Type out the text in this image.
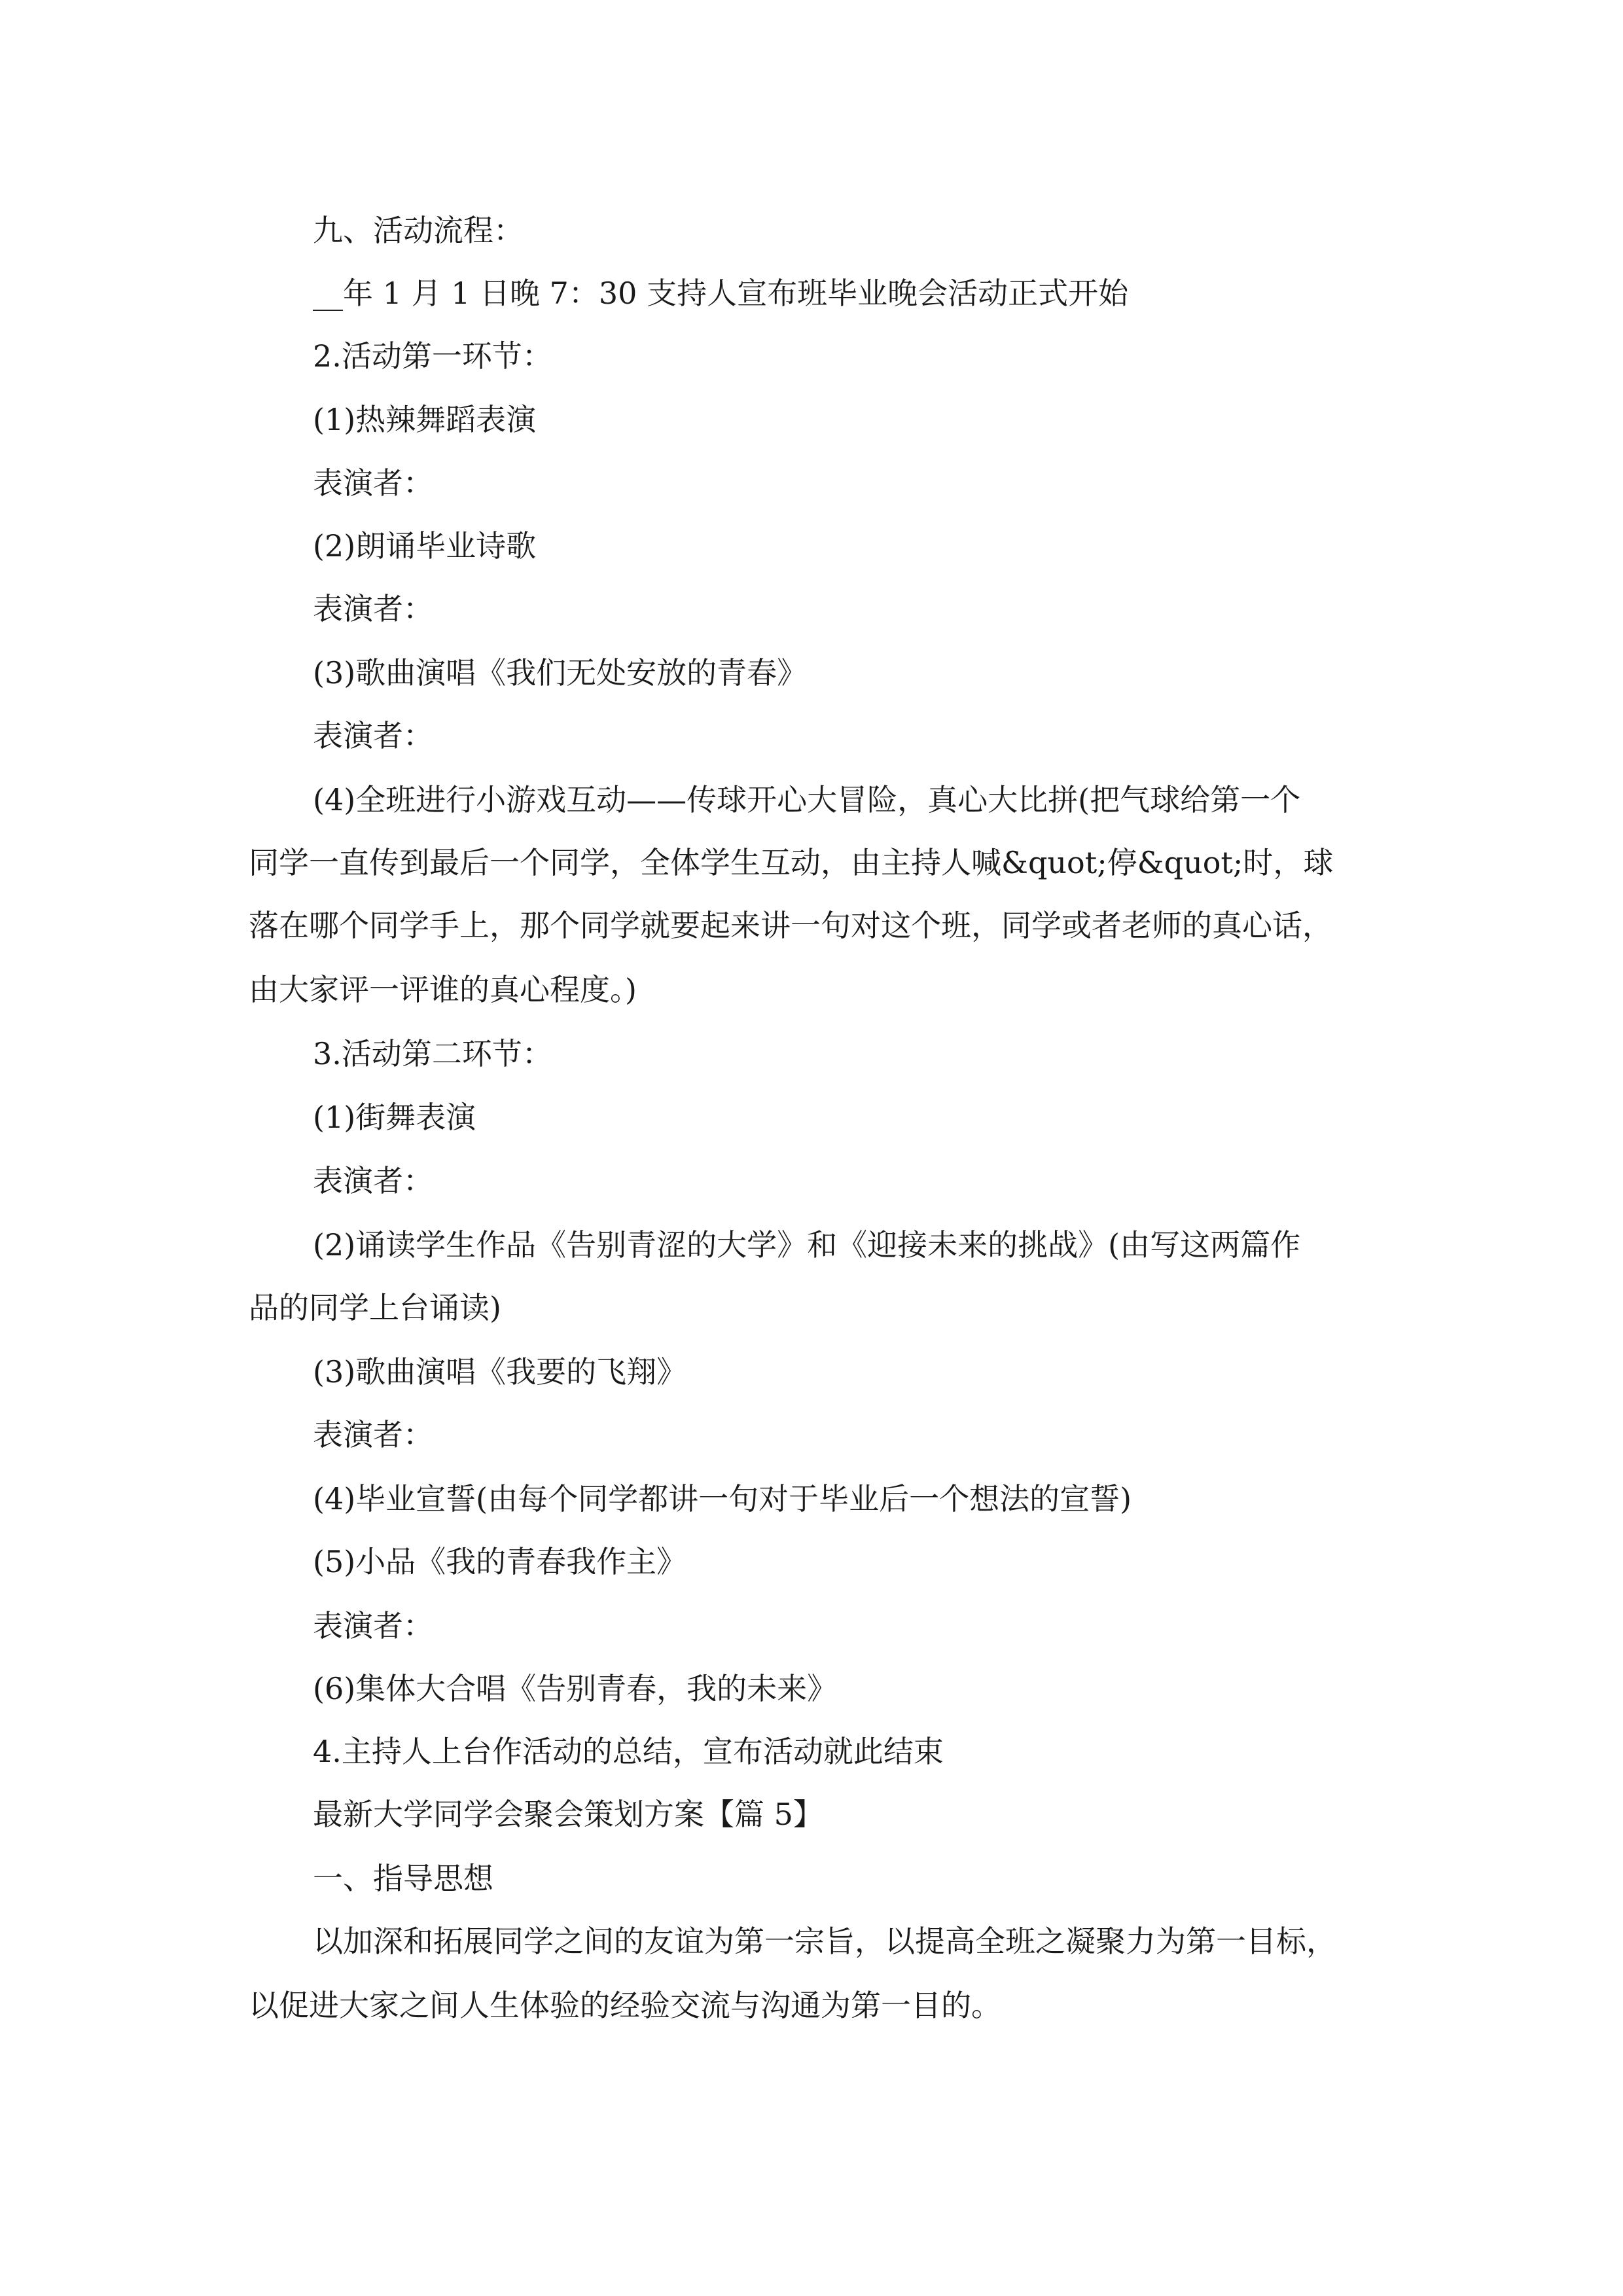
九、活动流程：
__年 1 月 1 日晚 7：30 支持人宣布班毕业晚会活动正式开始
2.活动第一环节：
(1)热辣舞蹈表演
表演者：
(2)朗诵毕业诗歌
表演者：
(3)歌曲演唱《我们无处安放的青春》
表演者：
(4)全班进行小游戏互动——传球开心大冒险，真心大比拼(把气球给第一个
同学一直传到最后一个同学，全体学生互动，由主持人喊&quot;停&quot;时，球
落在哪个同学手上，那个同学就要起来讲一句对这个班，同学或者老师的真心话，
由大家评一评谁的真心程度。)
3.活动第二环节：
(1)街舞表演
表演者：
(2)诵读学生作品《告别青涩的大学》和《迎接未来的挑战》(由写这两篇作
品的同学上台诵读)
(3)歌曲演唱《我要的飞翔》
表演者：
(4)毕业宣誓(由每个同学都讲一句对于毕业后一个想法的宣誓)
(5)小品《我的青春我作主》
表演者：
(6)集体大合唱《告别青春，我的未来》
4.主持人上台作活动的总结，宣布活动就此结束
最新大学同学会聚会策划方案【篇 5】
一、指导思想
以加深和拓展同学之间的友谊为第一宗旨，以提高全班之凝聚力为第一目标，
以促进大家之间人生体验的经验交流与沟通为第一目的。
